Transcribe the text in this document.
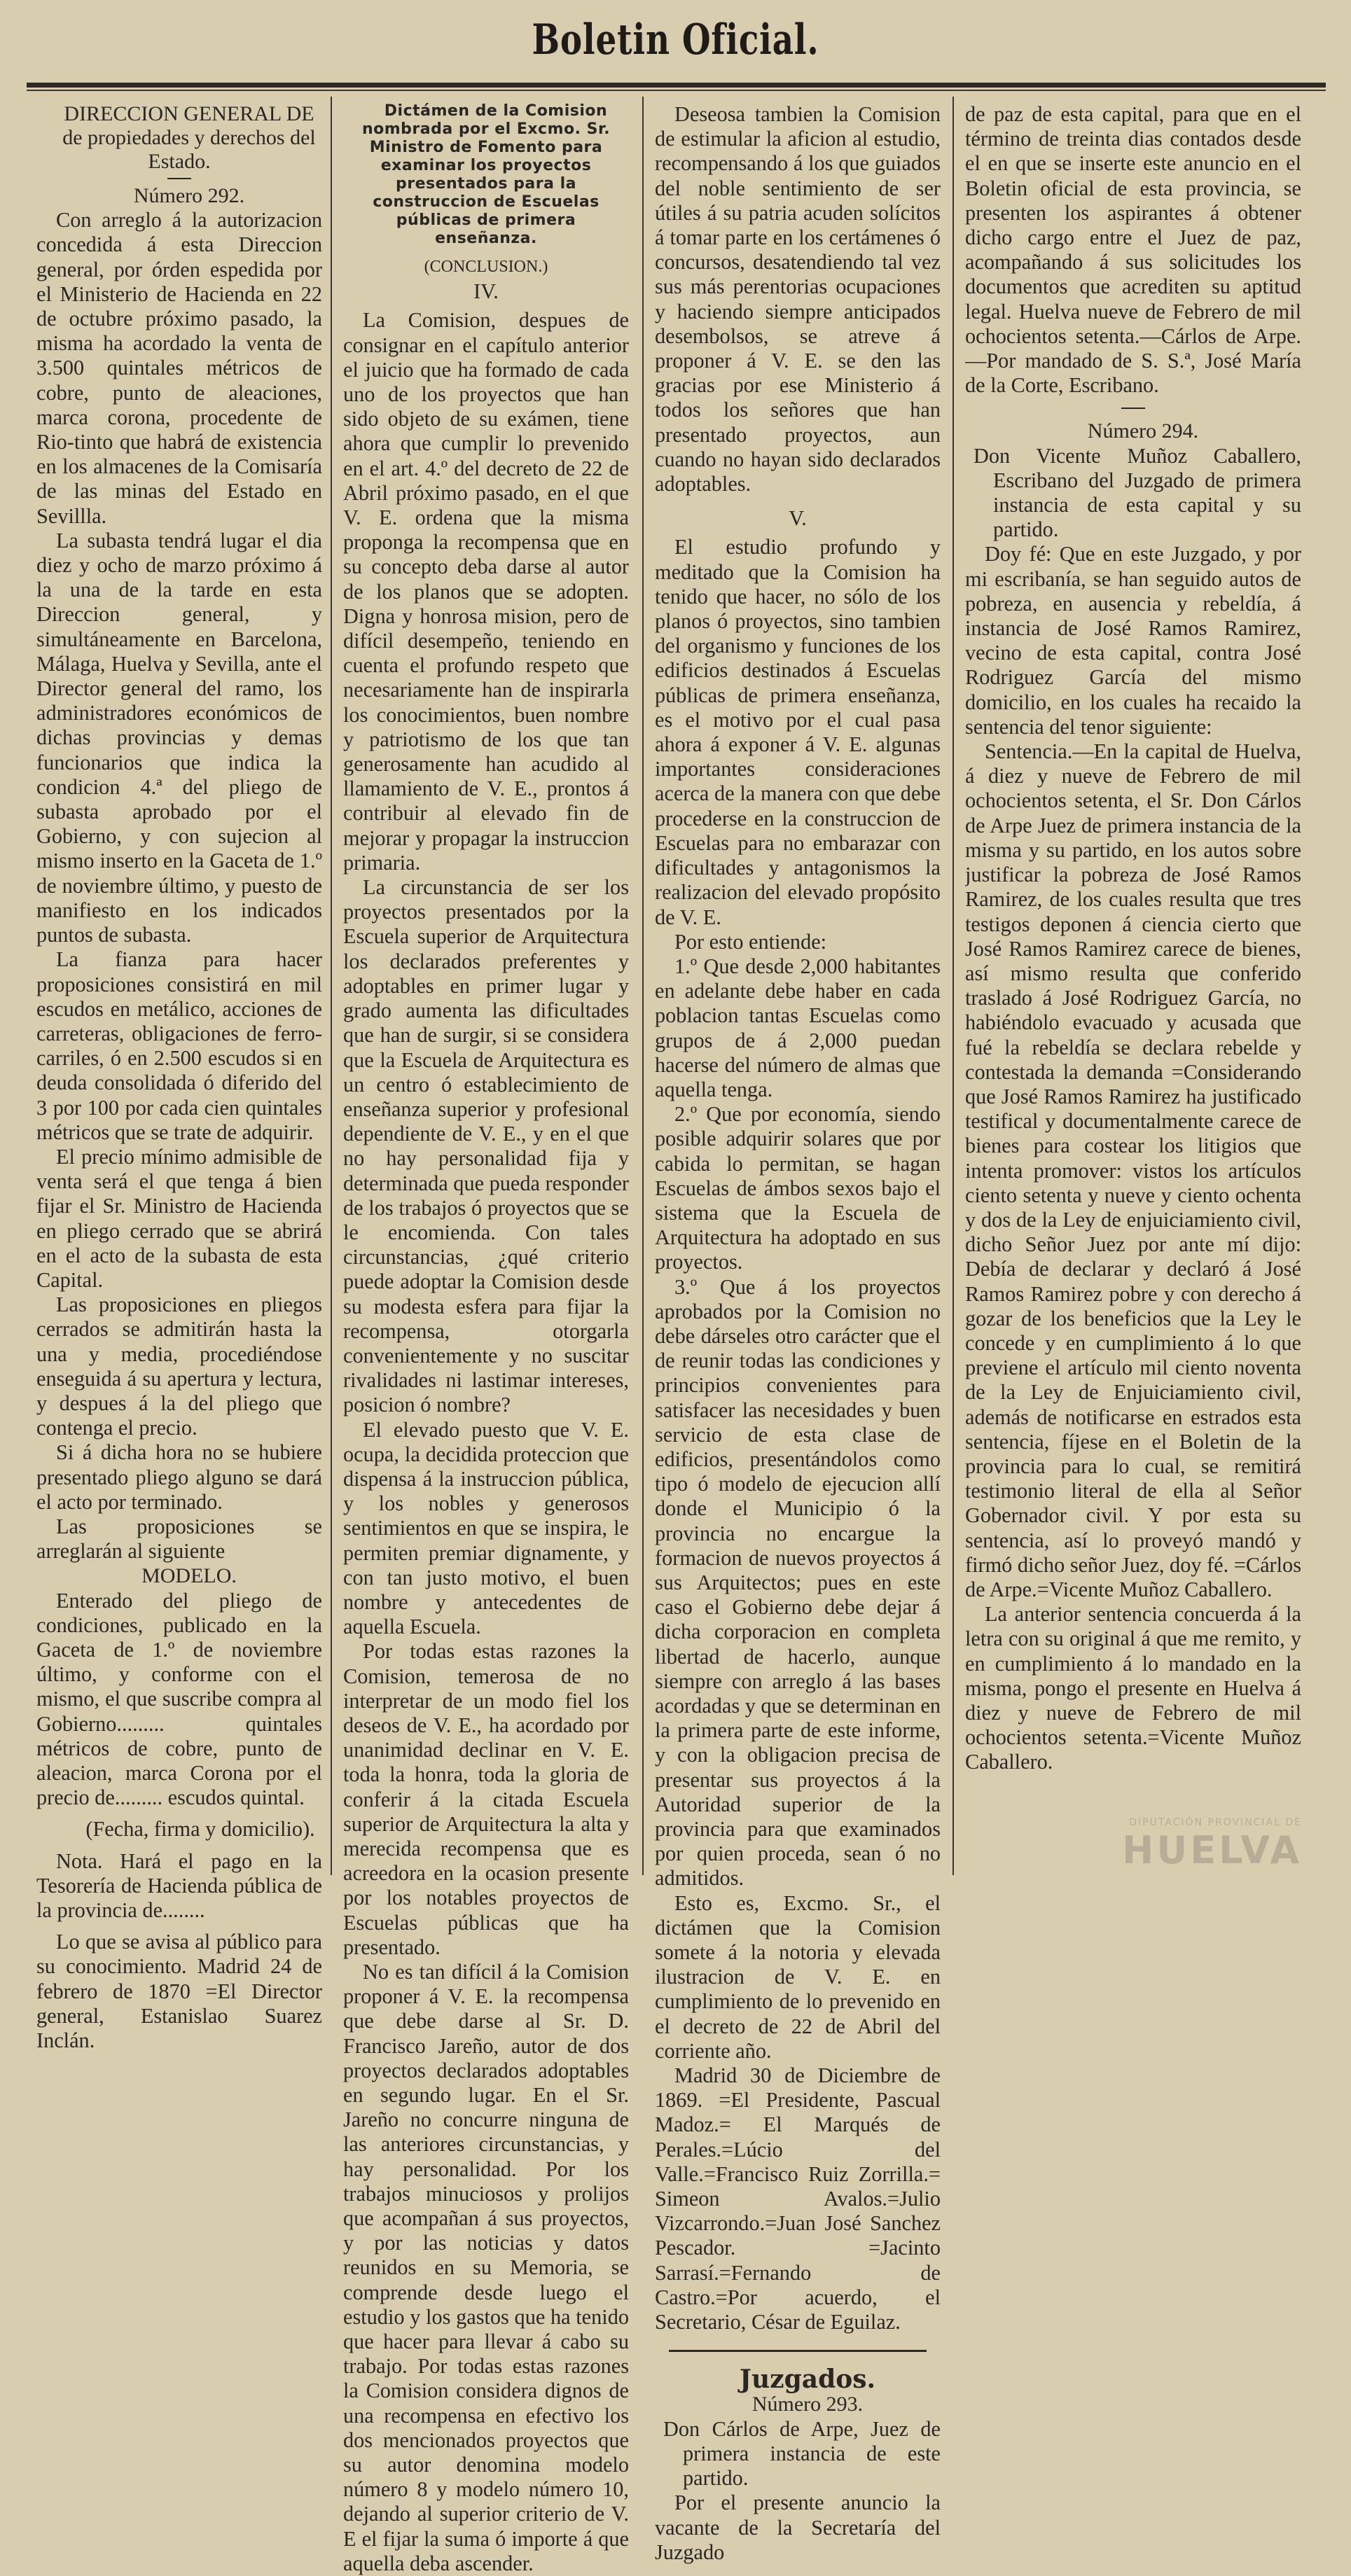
Boletin Oficial.

DIRECCION GENERAL DE

de propiedades y derechos del Estado.

Número 292.

Con arreglo á la autorizacion concedida á esta Direccion general, por órden espedida por el Ministerio de Hacienda en 22 de octubre próximo pasado, la misma ha acordado la venta de 3.500 quintales métricos de cobre, punto de aleaciones, marca corona, procedente de Rio-tinto que habrá de existencia en los almacenes de la Comisaría de las minas del Estado en Sevillla.

La subasta tendrá lugar el dia diez y ocho de marzo próximo á la una de la tarde en esta Direccion general, y simultáneamente en Barcelona, Málaga, Huelva y Sevilla, ante el Director general del ramo, los administradores económicos de dichas provincias y demas funcionarios que indica la condicion 4.ª del pliego de subasta aprobado por el Gobierno, y con sujecion al mismo inserto en la Gaceta de 1.º de noviembre último, y puesto de manifiesto en los indicados puntos de subasta.

La fianza para hacer proposiciones consistirá en mil escudos en metálico, acciones de carreteras, obligaciones de ferro-carriles, ó en 2.500 escudos si en deuda consolidada ó diferido del 3 por 100 por cada cien quintales métricos que se trate de adquirir.

El precio mínimo admisible de venta será el que tenga á bien fijar el Sr. Ministro de Hacienda en pliego cerrado que se abrirá en el acto de la subasta de esta Capital.

Las proposiciones en pliegos cerrados se admitirán hasta la una y media, procediéndose enseguida á su apertura y lectura, y despues á la del pliego que contenga el precio.

Si á dicha hora no se hubiere presentado pliego alguno se dará el acto por terminado.

Las proposiciones se arreglarán al siguiente

MODELO.

Enterado del pliego de condiciones, publicado en la Gaceta de 1.º de noviembre último, y conforme con el mismo, el que suscribe compra al Gobierno......... quintales métricos de cobre, punto de aleacion, marca Corona por el precio de......... escudos quintal.

(Fecha, firma y domicilio).

Nota. Hará el pago en la Tesorería de Hacienda pública de la provincia de........

Lo que se avisa al público para su conocimiento. Madrid 24 de febrero de 1870 =El Director general, Estanislao Suarez Inclán.

Dictámen de la Comision nombrada por el Excmo. Sr. Ministro de Fomento para examinar los proyectos presentados para la construccion de Escuelas públicas de primera enseñanza.

(CONCLUSION.)

IV.

La Comision, despues de consignar en el capítulo anterior el juicio que ha formado de cada uno de los proyectos que han sido objeto de su exámen, tiene ahora que cumplir lo prevenido en el art. 4.º del decreto de 22 de Abril próximo pasado, en el que V. E. ordena que la misma proponga la recompensa que en su concepto deba darse al autor de los planos que se adopten. Digna y honrosa mision, pero de difícil desempeño, teniendo en cuenta el profundo respeto que necesariamente han de inspirarla los conocimientos, buen nombre y patriotismo de los que tan generosamente han acudido al llamamiento de V. E., prontos á contribuir al elevado fin de mejorar y propagar la instruccion primaria.

La circunstancia de ser los proyectos presentados por la Escuela superior de Arquitectura los declarados preferentes y adoptables en primer lugar y grado aumenta las dificultades que han de surgir, si se considera que la Escuela de Arquitectura es un centro ó establecimiento de enseñanza superior y profesional dependiente de V. E., y en el que no hay personalidad fija y determinada que pueda responder de los trabajos ó proyectos que se le encomienda. Con tales circunstancias, ¿qué criterio puede adoptar la Comision desde su modesta esfera para fijar la recompensa, otorgarla convenientemente y no suscitar rivalidades ni lastimar intereses, posicion ó nombre?

El elevado puesto que V. E. ocupa, la decidida proteccion que dispensa á la instruccion pública, y los nobles y generosos sentimientos en que se inspira, le permiten premiar dignamente, y con tan justo motivo, el buen nombre y antecedentes de aquella Escuela.

Por todas estas razones la Comision, temerosa de no interpretar de un modo fiel los deseos de V. E., ha acordado por unanimidad declinar en V. E. toda la honra, toda la gloria de conferir á la citada Escuela superior de Arquitectura la alta y merecida recompensa que es acreedora en la ocasion presente por los notables proyectos de Escuelas públicas que ha presentado.

No es tan difícil á la Comision proponer á V. E. la recompensa que debe darse al Sr. D. Francisco Jareño, autor de dos proyectos declarados adoptables en segundo lugar. En el Sr. Jareño no concurre ninguna de las anteriores circunstancias, y hay personalidad. Por los trabajos minuciosos y prolijos que acompañan á sus proyectos, y por las noticias y datos reunidos en su Memoria, se comprende desde luego el estudio y los gastos que ha tenido que hacer para llevar á cabo su trabajo. Por todas estas razones la Comision considera dignos de una recompensa en efectivo los dos mencionados proyectos que su autor denomina modelo número 8 y modelo número 10, dejando al superior criterio de V. E el fijar la suma ó importe á que aquella deba ascender.

Deseosa tambien la Comision de estimular la aficion al estudio, recompensando á los que guiados del noble sentimiento de ser útiles á su patria acuden solícitos á tomar parte en los certámenes ó concursos, desatendiendo tal vez sus más perentorias ocupaciones y haciendo siempre anticipados desembolsos, se atreve á proponer á V. E. se den las gracias por ese Ministerio á todos los señores que han presentado proyectos, aun cuando no hayan sido declarados adoptables.

V.

El estudio profundo y meditado que la Comision ha tenido que hacer, no sólo de los planos ó proyectos, sino tambien del organismo y funciones de los edificios destinados á Escuelas públicas de primera enseñanza, es el motivo por el cual pasa ahora á exponer á V. E. algunas importantes consideraciones acerca de la manera con que debe procederse en la construccion de Escuelas para no embarazar con dificultades y antagonismos la realizacion del elevado propósito de V. E.

Por esto entiende:

1.º Que desde 2,000 habitantes en adelante debe haber en cada poblacion tantas Escuelas como grupos de á 2,000 puedan hacerse del número de almas que aquella tenga.

2.º Que por economía, siendo posible adquirir solares que por cabida lo permitan, se hagan Escuelas de ámbos sexos bajo el sistema que la Escuela de Arquitectura ha adoptado en sus proyectos.

3.º Que á los proyectos aprobados por la Comision no debe dárseles otro carácter que el de reunir todas las condiciones y principios convenientes para satisfacer las necesidades y buen servicio de esta clase de edificios, presentándolos como tipo ó modelo de ejecucion allí donde el Municipio ó la provincia no encargue la formacion de nuevos proyectos á sus Arquitectos; pues en este caso el Gobierno debe dejar á dicha corporacion en completa libertad de hacerlo, aunque siempre con arreglo á las bases acordadas y que se determinan en la primera parte de este informe, y con la obligacion precisa de presentar sus proyectos á la Autoridad superior de la provincia para que examinados por quien proceda, sean ó no admitidos.

Esto es, Excmo. Sr., el dictámen que la Comision somete á la notoria y elevada ilustracion de V. E. en cumplimiento de lo prevenido en el decreto de 22 de Abril del corriente año.

Madrid 30 de Diciembre de 1869. =El Presidente, Pascual Madoz.= El Marqués de Perales.=Lúcio del Valle.=Francisco Ruiz Zorrilla.= Simeon Avalos.=Julio Vizcarrondo.=Juan José Sanchez Pescador. =Jacinto Sarrasí.=Fernando de Castro.=Por acuerdo, el Secretario, César de Eguilaz.

Juzgados.

Número 293.

Don Cárlos de Arpe, Juez de primera instancia de este partido.

Por el presente anuncio la vacante de la Secretaría del Juzgado

de paz de esta capital, para que en el término de treinta dias contados desde el en que se inserte este anuncio en el Boletin oficial de esta provincia, se presenten los aspirantes á obtener dicho cargo entre el Juez de paz, acompañando á sus solicitudes los documentos que acrediten su aptitud legal. Huelva nueve de Febrero de mil ochocientos setenta.—Cárlos de Arpe.—Por mandado de S. S.ª, José María de la Corte, Escribano.

Número 294.

Don Vicente Muñoz Caballero, Escribano del Juzgado de primera instancia de esta capital y su partido.

Doy fé: Que en este Juzgado, y por mi escribanía, se han seguido autos de pobreza, en ausencia y rebeldía, á instancia de José Ramos Ramirez, vecino de esta capital, contra José Rodriguez García del mismo domicilio, en los cuales ha recaido la sentencia del tenor siguiente:

Sentencia.—En la capital de Huelva, á diez y nueve de Febrero de mil ochocientos setenta, el Sr. Don Cárlos de Arpe Juez de primera instancia de la misma y su partido, en los autos sobre justificar la pobreza de José Ramos Ramirez, de los cuales resulta que tres testigos deponen á ciencia cierto que José Ramos Ramirez carece de bienes, así mismo resulta que conferido traslado á José Rodriguez García, no habiéndolo evacuado y acusada que fué la rebeldía se declara rebelde y contestada la demanda =Considerando que José Ramos Ramirez ha justificado testifical y documentalmente carece de bienes para costear los litigios que intenta promover: vistos los artículos ciento setenta y nueve y ciento ochenta y dos de la Ley de enjuiciamiento civil, dicho Señor Juez por ante mí dijo: Debía de declarar y declaró á José Ramos Ramirez pobre y con derecho á gozar de los beneficios que la Ley le concede y en cumplimiento á lo que previene el artículo mil ciento noventa de la Ley de Enjuiciamiento civil, además de notificarse en estrados esta sentencia, fíjese en el Boletin de la provincia para lo cual, se remitirá testimonio literal de ella al Señor Gobernador civil. Y por esta su sentencia, así lo proveyó mandó y firmó dicho señor Juez, doy fé. =Cárlos de Arpe.=Vicente Muñoz Caballero.

La anterior sentencia concuerda á la letra con su original á que me remito, y en cumplimiento á lo mandado en la misma, pongo el presente en Huelva á diez y nueve de Febrero de mil ochocientos setenta.=Vicente Muñoz Caballero.

DIPUTACIÓN PROVINCIAL DE
HUELVA
